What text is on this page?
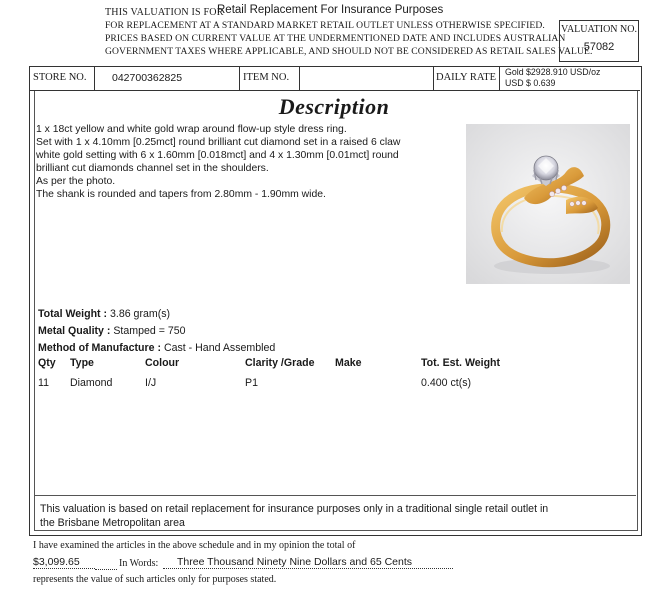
THIS VALUATION IS FOR
Retail Replacement For Insurance Purposes
FOR REPLACEMENT AT A STANDARD MARKET RETAIL OUTLET UNLESS OTHERWISE SPECIFIED.
PRICES BASED ON CURRENT VALUE AT THE UNDERMENTIONED DATE AND INCLUDES AUSTRALIAN
GOVERNMENT TAXES WHERE APPLICABLE, AND SHOULD NOT BE CONSIDERED AS RETAIL SALES VALUE.
VALUATION NO.
57082
STORE NO. 042700362825	ITEM NO.	DAILY RATE Gold $2928.910 USD/oz
USD $ 0.639
Description
1 x 18ct yellow and white gold wrap around flow-up style dress ring.
Set with 1 x 4.10mm [0.25mct] round brilliant cut diamond set in a raised 6 claw
white gold setting with 6 x 1.60mm [0.018mct] and 4 x 1.30mm [0.01mct] round
brilliant cut diamonds channel set in the shoulders.
As per the photo.
The shank is rounded and tapers from 2.80mm - 1.90mm wide.
Total Weight : 3.86 gram(s)
Metal Quality : Stamped = 750
Method of Manufacture : Cast - Hand Assembled
Qty Type	Colour	Clarity /Grade Make	Tot. Est. Weight
11 Diamond	I/J	P1	0.400 ct(s)
This valuation is based on retail replacement for insurance purposes only in a traditional single retail outlet in
the Brisbane Metropolitan area
I have examined the articles in the above schedule and in my opinion the total of
$3,099.65	In Words:	Three Thousand Ninety Nine Dollars and 65 Cents
represents the value of such articles only for purposes stated.
